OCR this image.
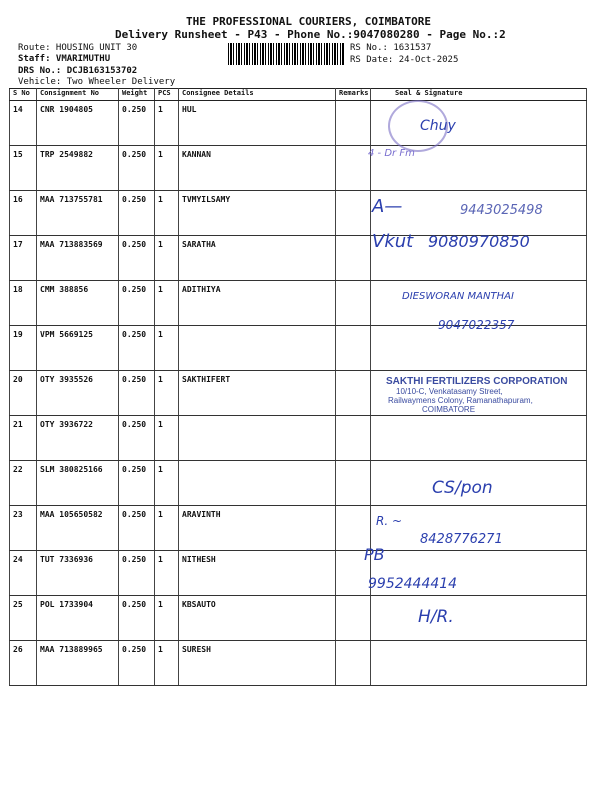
THE PROFESSIONAL COURIERS, COIMBATORE
Delivery Runsheet - P43 - Phone No.:9047080280 - Page No.:2
Route: HOUSING UNIT 30
Staff: VMARIMUTHU
DRS No.: DCJB163153702
Vehicle: Two Wheeler Delivery
RS No.: 1631537
RS Date: 24-Oct-2025
S No	Consignment No	Weight	PCS	Consignee Details	Remarks	Seal & Signature
14	CNR 1904805	0.250	1	HUL		
15	TRP 2549882	0.250	1	KANNAN		
16	MAA 713755781	0.250	1	TVMYILSAMY		
17	MAA 713883569	0.250	1	SARATHA		
18	CMM 388856	0.250	1	ADITHIYA		
19	VPM 5669125	0.250	1			
20	OTY 3935526	0.250	1	SAKTHIFERT		
21	OTY 3936722	0.250	1			
22	SLM 380825166	0.250	1			
23	MAA 105650582	0.250	1	ARAVINTH		
24	TUT 7336936	0.250	1	NITHESH		
25	POL 1733904	0.250	1	KBSAUTO		
26	MAA 713889965	0.250	1	SURESH		
Chuy
4 - Dr Fm
A—	9443025498
Vkut 9080970850
DIESWORAN MANTHAI
9047022357
SAKTHI FERTILIZERS CORPORATION
10/10-C, Venkatasamy Street,
Railwaymens Colony, Ramanathapuram,
COIMBATORE
CS/pon
R. ~
8428776271
PB
9952444414
H/R.
